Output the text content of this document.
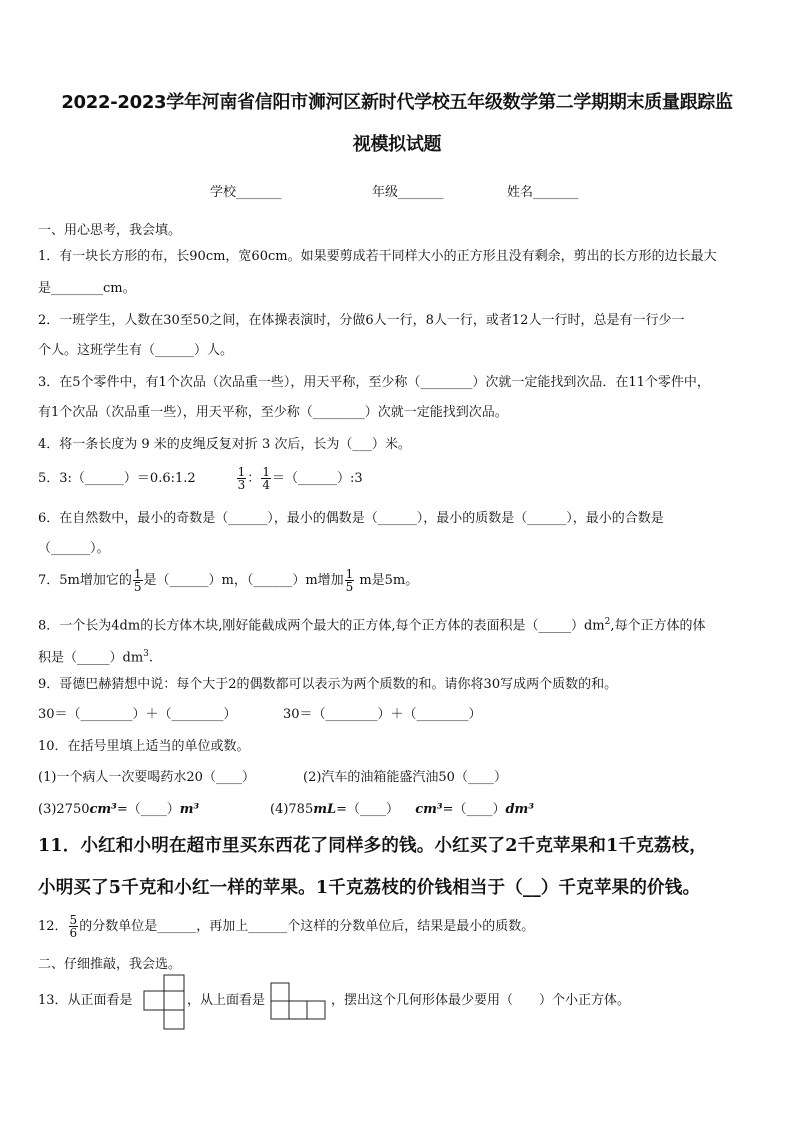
2022-2023学年河南省信阳市浉河区新时代学校五年级数学第二学期期末质量跟踪监
视模拟试题
学校_______	年级_______	姓名_______
一、用心思考，我会填。
1．有一块长方形的布，长90cm，宽60cm。如果要剪成若干同样大小的正方形且没有剩余，剪出的长方形的边长最大
是________cm。
2．一班学生，人数在30至50之间，在体操表演时，分做6人一行，8人一行，或者12人一行时，总是有一行少一
个人。这班学生有（______）人。
3．在5个零件中，有1个次品（次品重一些），用天平称，至少称（________）次就一定能找到次品．在11个零件中，
有1个次品（次品重一些），用天平称，至少称（________）次就一定能找到次品。
4．将一条长度为 9 米的皮绳反复对折 3 次后，长为（___）米。
5．3:（______）＝0.6:1.2	$\frac{1}{3}$ ： $\frac{1}{4}$ ＝（______）:3
6．在自然数中，最小的奇数是（______），最小的偶数是（______），最小的质数是（______），最小的合数是
（______）。
7．5m增加它的 $\frac{1}{5}$ 是（______）m，（______）m增加 $\frac{1}{5}$ m是5m。
8．一个长为4dm的长方体木块,刚好能截成两个最大的正方体,每个正方体的表面积是$(\_\_\_\_\_)dm^2$,每个正方体的体
积是$(\_\_\_\_\_)dm^3$.
9．哥德巴赫猜想中说：每个大于2的偶数都可以表示为两个质数的和。请你将30写成两个质数的和。
30＝（________）＋（________）	30＝（________）＋（________）
10．在括号里填上适当的单位或数。
(1)一个病人一次要喝药水20（____）	(2)汽车的油箱能盛汽油50（____）
(3)2750cm³=（____）m³	(4)785mL=（____） cm³=（____）dm³
11．小红和小明在超市里买东西花了同样多的钱。小红买了2千克苹果和1千克荔枝，
小明买了5千克和小红一样的苹果。1千克荔枝的价钱相当于（__）千克苹果的价钱。
12． $\frac{5}{6}$ 的分数单位是______，再加上______个这样的分数单位后，结果是最小的质数。
二、仔细推敲，我会选。
13．从正面看是	，从上面看是	，摆出这个几何形体最少要用（　　）个小正方体。
